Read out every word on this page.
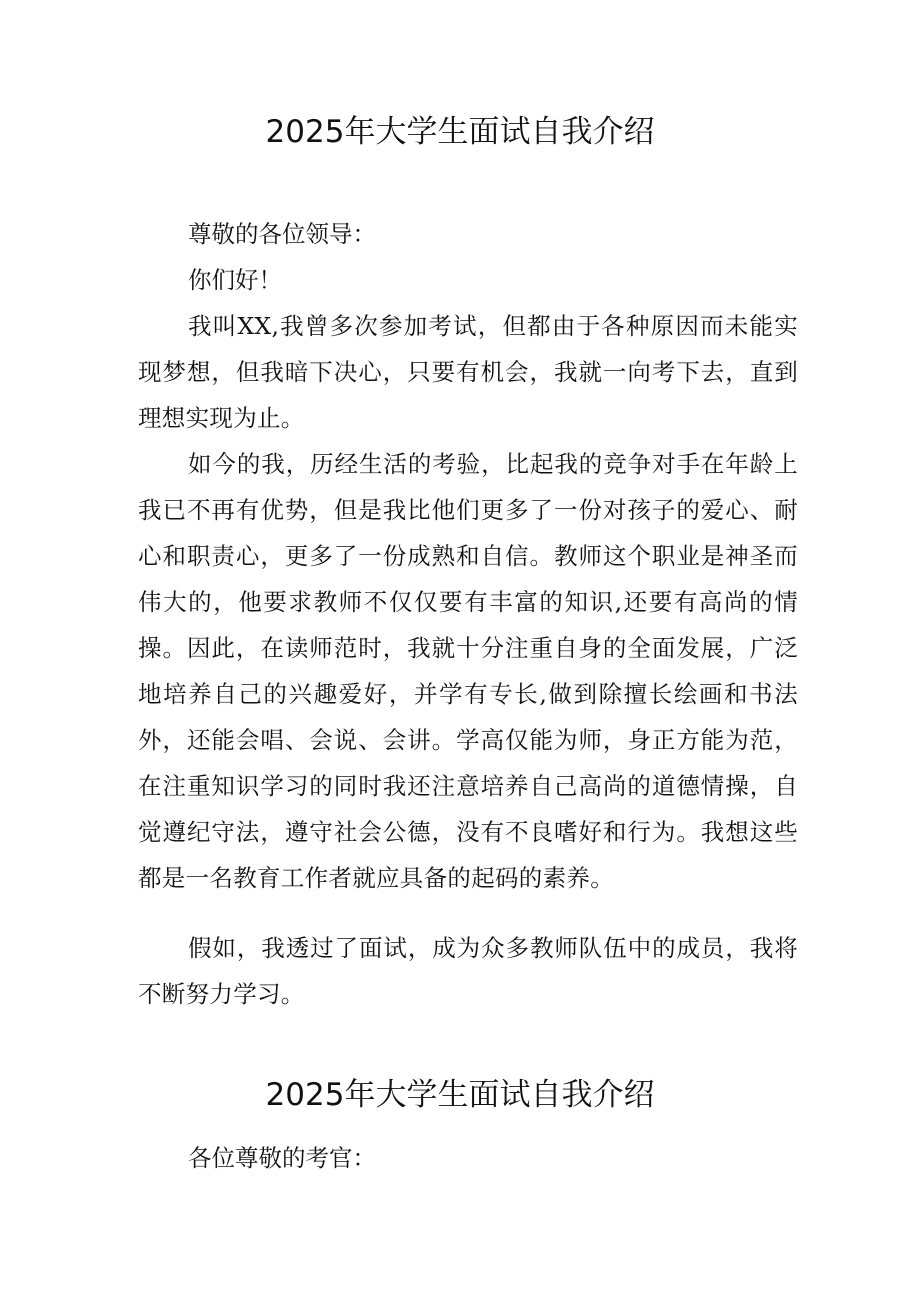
2025年大学生面试自我介绍

尊敬的各位领导：

你们好！

我叫XX,我曾多次参加考试，但都由于各种原因而未能实现梦想，但我暗下决心，只要有机会，我就一向考下去，直到理想实现为止。

如今的我，历经生活的考验，比起我的竞争对手在年龄上我已不再有优势，但是我比他们更多了一份对孩子的爱心、耐心和职责心，更多了一份成熟和自信。教师这个职业是神圣而伟大的，他要求教师不仅仅要有丰富的知识,还要有高尚的情操。因此，在读师范时，我就十分注重自身的全面发展，广泛地培养自己的兴趣爱好，并学有专长,做到除擅长绘画和书法外，还能会唱、会说、会讲。学高仅能为师，身正方能为范，在注重知识学习的同时我还注意培养自己高尚的道德情操，自觉遵纪守法，遵守社会公德，没有不良嗜好和行为。我想这些都是一名教育工作者就应具备的起码的素养。

假如，我透过了面试，成为众多教师队伍中的成员，我将不断努力学习。

2025年大学生面试自我介绍

各位尊敬的考官：
